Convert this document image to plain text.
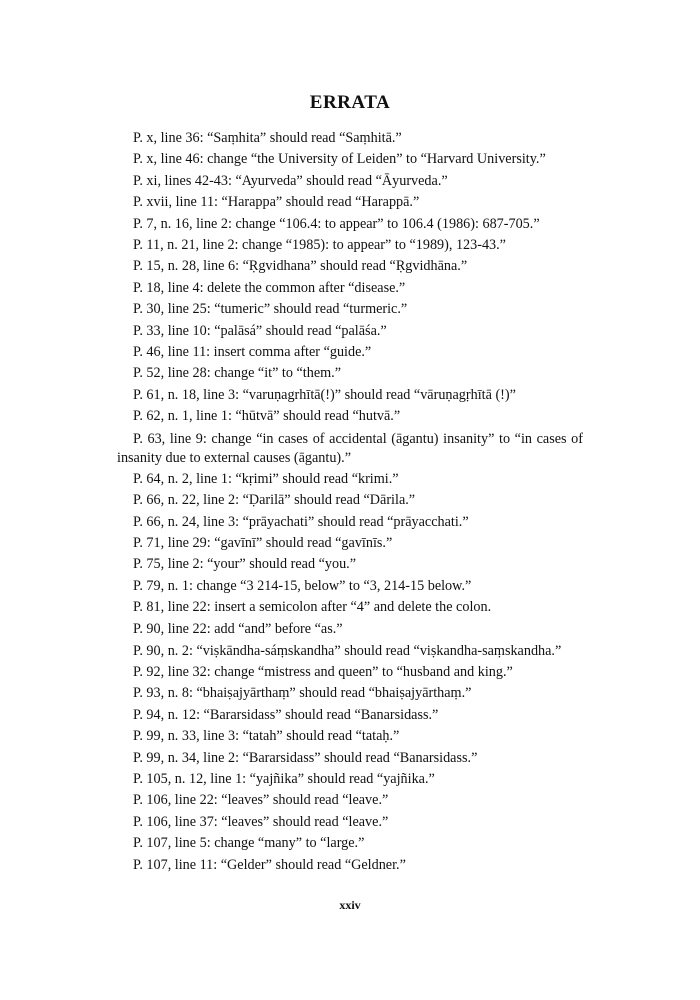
ERRATA
P. x, line 36: “Saṃhita” should read “Saṃhitā.”
P. x, line 46: change “the University of Leiden” to “Harvard University.”
P. xi, lines 42-43: “Ayurveda” should read “Āyurveda.”
P. xvii, line 11: “Harappa” should read “Harappā.”
P. 7, n. 16, line 2: change “106.4: to appear” to 106.4 (1986): 687-705.”
P. 11, n. 21, line 2: change “1985): to appear” to “1989), 123-43.”
P. 15, n. 28, line 6: “Ṛgvidhana” should read “Ṛgvidhāna.”
P. 18, line 4: delete the common after “disease.”
P. 30, line 25: “tumeric” should read “turmeric.”
P. 33, line 10: “palāsá” should read “palāśa.”
P. 46, line 11: insert comma after “guide.”
P. 52, line 28: change “it” to “them.”
P. 61, n. 18, line 3: “varuṇagrhītā(!)” should read “vāruṇagṛhītā (!)”
P. 62, n. 1, line 1: “hūtvā” should read “hutvā.”
P. 63, line 9: change “in cases of accidental (āgantu) insanity” to “in cases of insanity due to external causes (āgantu).”
P. 64, n. 2, line 1: “kṛimi” should read “krimi.”
P. 66, n. 22, line 2: “Ḍarilā” should read “Dārila.”
P. 66, n. 24, line 3: “prāyachati” should read “prāyacchati.”
P. 71, line 29: “gavīnī” should read “gavīnīs.”
P. 75, line 2: “your” should read “you.”
P. 79, n. 1: change “3 214-15, below” to “3, 214-15 below.”
P. 81, line 22: insert a semicolon after “4” and delete the colon.
P. 90, line 22: add “and” before “as.”
P. 90, n. 2: “viṣkāndha-sáṃskandha” should read “viṣkandha-saṃskandha.”
P. 92, line 32: change “mistress and queen” to “husband and king.”
P. 93, n. 8: “bhaiṣajyārthaṃ” should read “bhaiṣajyārthaṃ.”
P. 94, n. 12: “Bararsidass” should read “Banarsidass.”
P. 99, n. 33, line 3: “tatah” should read “tataḥ.”
P. 99, n. 34, line 2: “Bararsidass” should read “Banarsidass.”
P. 105, n. 12, line 1: “yajñika” should read “yajñika.”
P. 106, line 22: “leaves” should read “leave.”
P. 106, line 37: “leaves” should read “leave.”
P. 107, line 5: change “many” to “large.”
P. 107, line 11: “Gelder” should read “Geldner.”
xxiv
